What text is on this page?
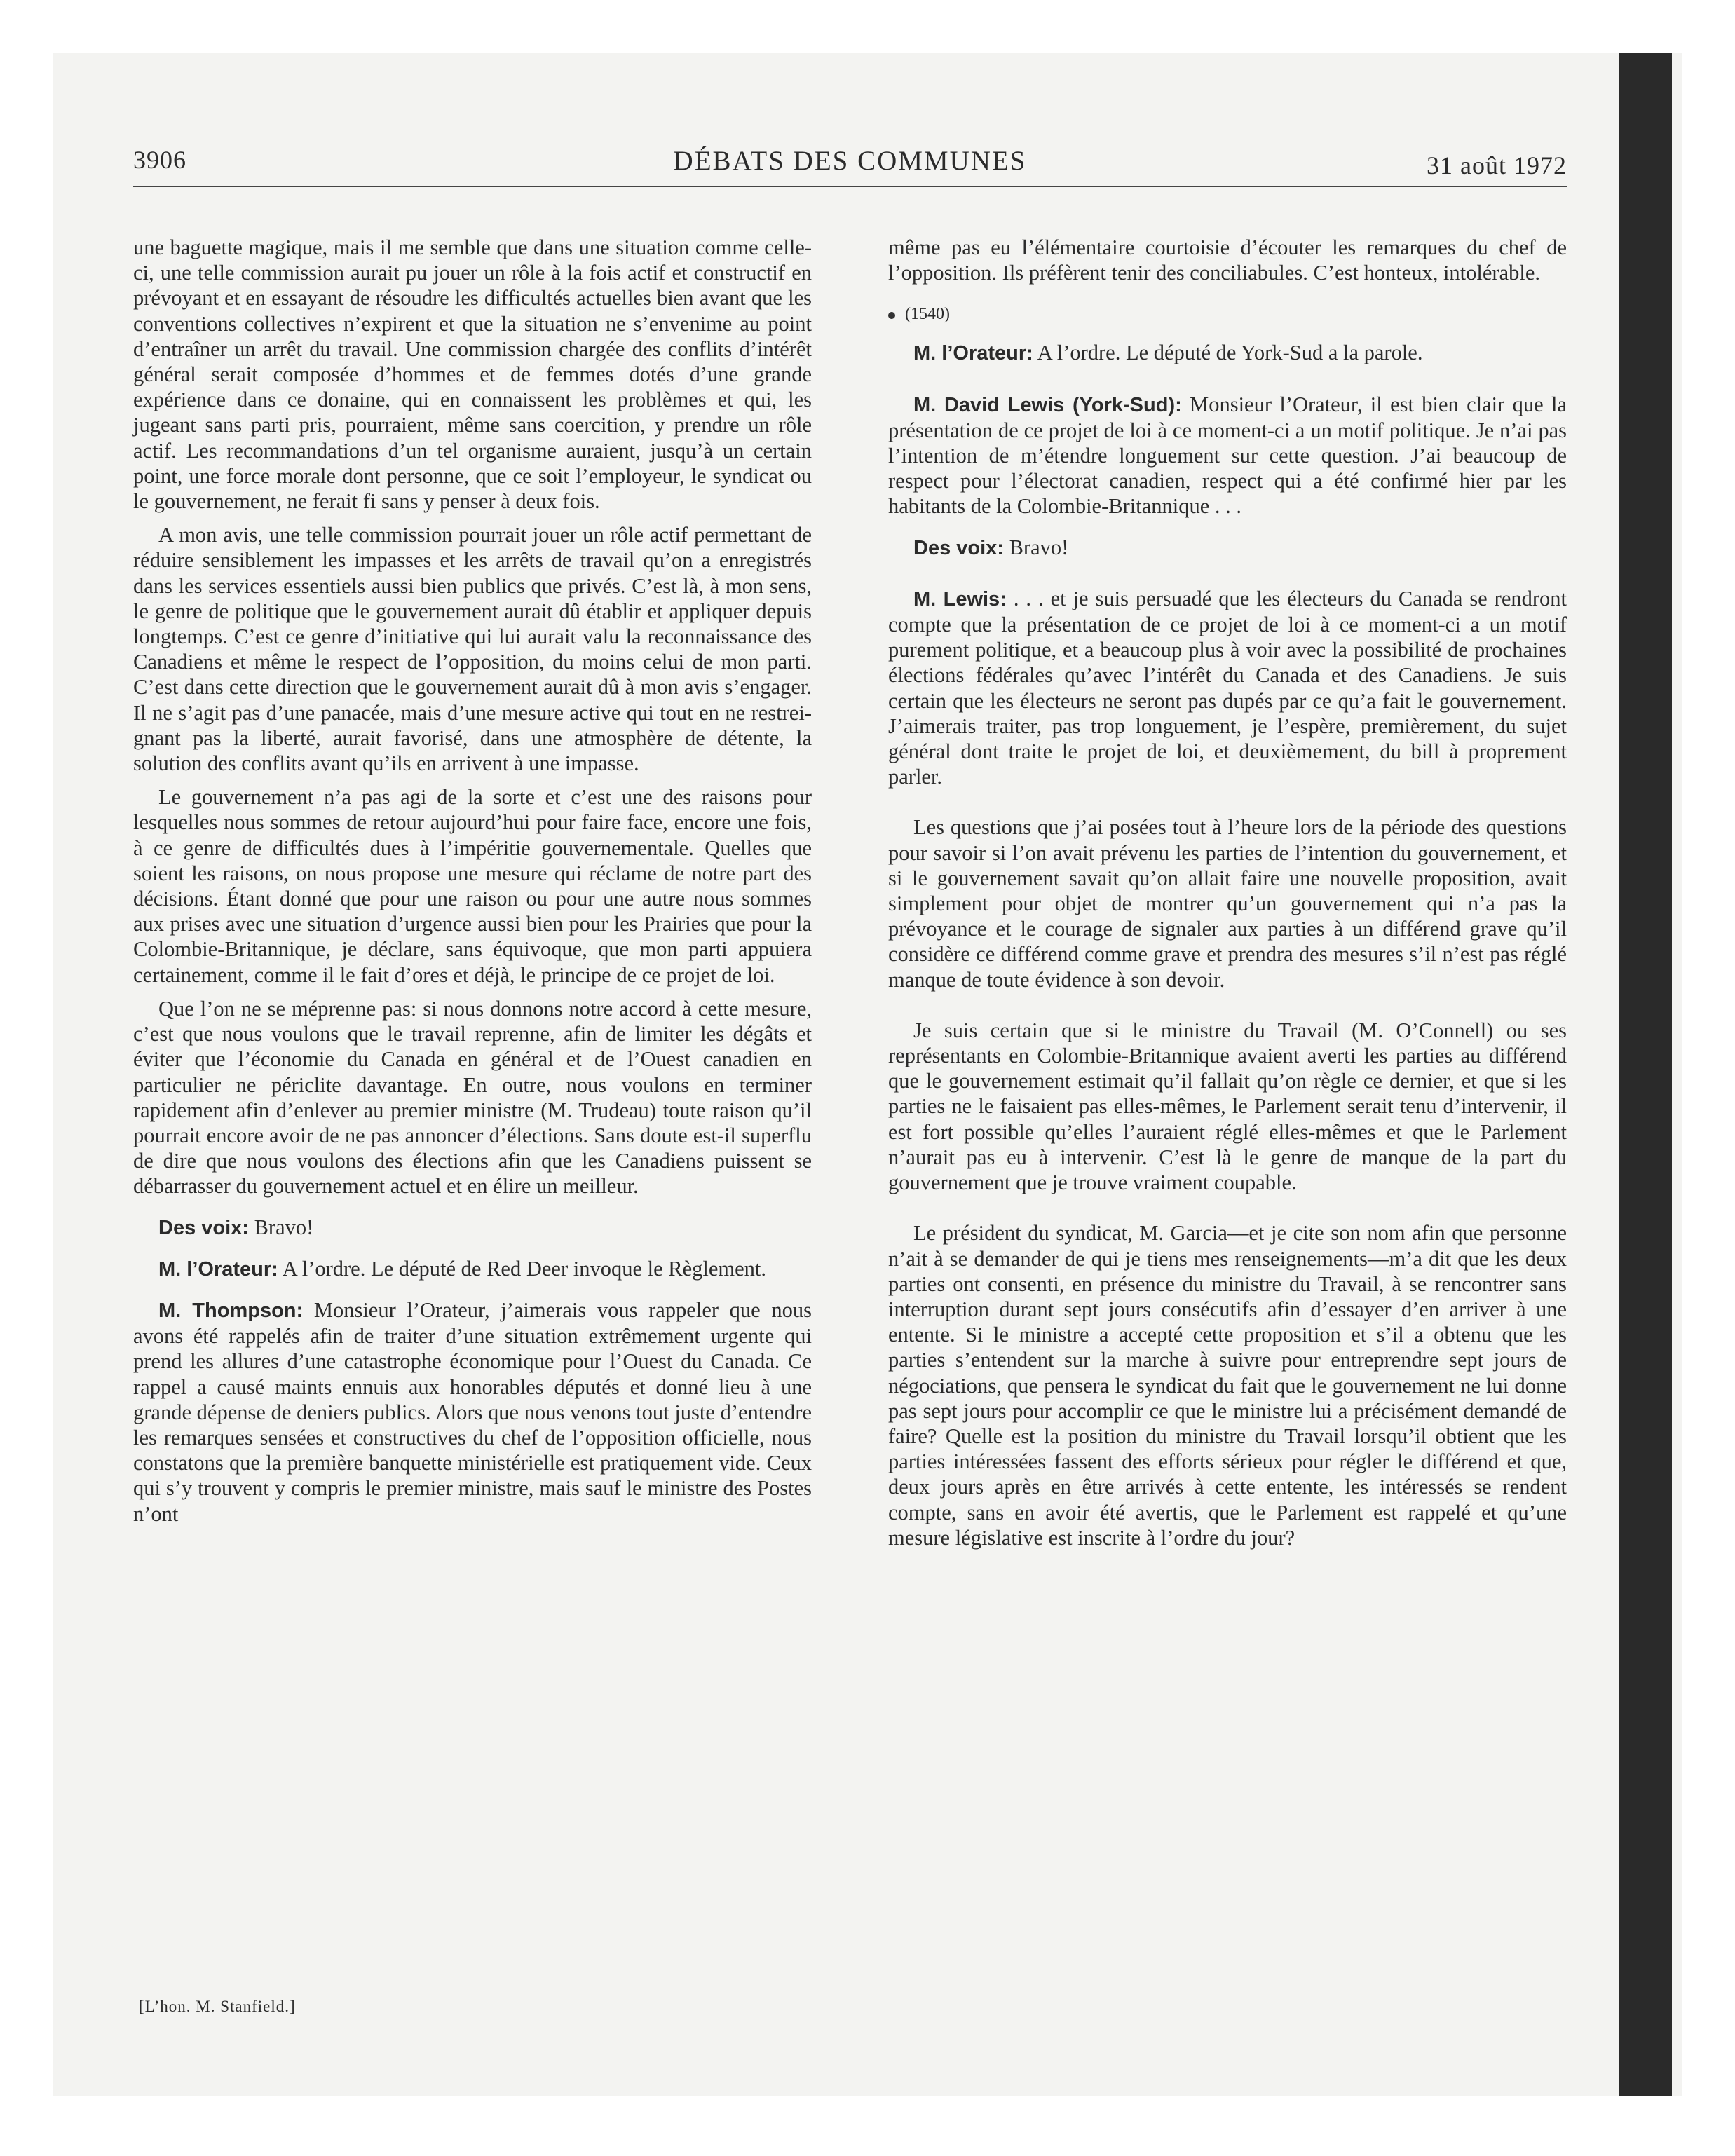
3906	DÉBATS DES COMMUNES	31 août 1972

une baguette magique, mais il me semble que dans une situation comme celle-ci, une telle commission aurait pu jouer un rôle à la fois actif et constructif en prévoyant et en essayant de résoudre les difficultés actuelles bien avant que les conventions collectives n’expirent et que la situation ne s’envenime au point d’entraîner un arrêt du travail. Une commission chargée des conflits d’intérêt général serait composée d’hommes et de femmes dotés d’une grande expérience dans ce donaine, qui en connaissent les problèmes et qui, les jugeant sans parti pris, pourraient, même sans coercition, y prendre un rôle actif. Les recommandations d’un tel organisme auraient, jusqu’à un certain point, une force morale dont personne, que ce soit l’employeur, le syndicat ou le gouvernement, ne ferait fi sans y penser à deux fois.

A mon avis, une telle commission pourrait jouer un rôle actif permettant de réduire sensiblement les impasses et les arrêts de travail qu’on a enregistrés dans les services essentiels aussi bien publics que privés. C’est là, à mon sens, le genre de politique que le gouvernement aurait dû établir et appliquer depuis longtemps. C’est ce genre d’initiative qui lui aurait valu la reconnaissance des Canadiens et même le respect de l’opposition, du moins celui de mon parti. C’est dans cette direction que le gouvernement aurait dû à mon avis s’engager. Il ne s’agit pas d’une panacée, mais d’une mesure active qui tout en ne restreignant pas la liberté, aurait favorisé, dans une atmosphère de détente, la solution des conflits avant qu’ils en arrivent à une impasse.

Le gouvernement n’a pas agi de la sorte et c’est une des raisons pour lesquelles nous sommes de retour aujourd’hui pour faire face, encore une fois, à ce genre de difficultés dues à l’impéritie gouvernementale. Quelles que soient les raisons, on nous propose une mesure qui réclame de notre part des décisions. Étant donné que pour une raison ou pour une autre nous sommes aux prises avec une situation d’urgence aussi bien pour les Prairies que pour la Colombie-Britannique, je déclare, sans équivoque, que mon parti appuiera certainement, comme il le fait d’ores et déjà, le principe de ce projet de loi.

Que l’on ne se méprenne pas: si nous donnons notre accord à cette mesure, c’est que nous voulons que le travail reprenne, afin de limiter les dégâts et éviter que l’économie du Canada en général et de l’Ouest canadien en particulier ne périclite davantage. En outre, nous voulons en terminer rapidement afin d’enlever au premier ministre (M. Trudeau) toute raison qu’il pourrait encore avoir de ne pas annoncer d’élections. Sans doute est-il superflu de dire que nous voulons des élections afin que les Canadiens puissent se débarrasser du gouvernement actuel et en élire un meilleur.

Des voix: Bravo!

M. l’Orateur: A l’ordre. Le député de Red Deer invoque le Règlement.

M. Thompson: Monsieur l’Orateur, j’aimerais vous rappeler que nous avons été rappelés afin de traiter d’une situation extrêmement urgente qui prend les allures d’une catastrophe économique pour l’Ouest du Canada. Ce rappel a causé maints ennuis aux honorables députés et donné lieu à une grande dépense de deniers publics. Alors que nous venons tout juste d’entendre les remarques sensées et constructives du chef de l’opposition officielle, nous constatons que la première banquette ministérielle est pratiquement vide. Ceux qui s’y trouvent y compris le premier ministre, mais sauf le ministre des Postes n’ont

même pas eu l’élémentaire courtoisie d’écouter les remarques du chef de l’opposition. Ils préfèrent tenir des conciliabules. C’est honteux, intolérable.

(1540)

M. l’Orateur: A l’ordre. Le député de York-Sud a la parole.

M. David Lewis (York-Sud): Monsieur l’Orateur, il est bien clair que la présentation de ce projet de loi à ce moment-ci a un motif politique. Je n’ai pas l’intention de m’étendre longuement sur cette question. J’ai beaucoup de respect pour l’électorat canadien, respect qui a été confirmé hier par les habitants de la Colombie-Britannique . . .

Des voix: Bravo!

M. Lewis: . . . et je suis persuadé que les électeurs du Canada se rendront compte que la présentation de ce projet de loi à ce moment-ci a un motif purement politique, et a beaucoup plus à voir avec la possibilité de prochaines élections fédérales qu’avec l’intérêt du Canada et des Canadiens. Je suis certain que les électeurs ne seront pas dupés par ce qu’a fait le gouvernement. J’aimerais traiter, pas trop longuement, je l’espère, premièrement, du sujet général dont traite le projet de loi, et deuxièmement, du bill à proprement parler.

Les questions que j’ai posées tout à l’heure lors de la période des questions pour savoir si l’on avait prévenu les parties de l’intention du gouvernement, et si le gouvernement savait qu’on allait faire une nouvelle proposition, avait simplement pour objet de montrer qu’un gouvernement qui n’a pas la prévoyance et le courage de signaler aux parties à un différend grave qu’il considère ce différend comme grave et prendra des mesures s’il n’est pas réglé manque de toute évidence à son devoir.

Je suis certain que si le ministre du Travail (M. O’Connell) ou ses représentants en Colombie-Britannique avaient averti les parties au différend que le gouvernement estimait qu’il fallait qu’on règle ce dernier, et que si les parties ne le faisaient pas elles-mêmes, le Parlement serait tenu d’intervenir, il est fort possible qu’elles l’auraient réglé elles-mêmes et que le Parlement n’aurait pas eu à intervenir. C’est là le genre de manque de la part du gouvernement que je trouve vraiment coupable.

Le président du syndicat, M. Garcia—et je cite son nom afin que personne n’ait à se demander de qui je tiens mes renseignements—m’a dit que les deux parties ont consenti, en présence du ministre du Travail, à se rencontrer sans interruption durant sept jours consécutifs afin d’essayer d’en arriver à une entente. Si le ministre a accepté cette proposition et s’il a obtenu que les parties s’entendent sur la marche à suivre pour entreprendre sept jours de négociations, que pensera le syndicat du fait que le gouvernement ne lui donne pas sept jours pour accomplir ce que le ministre lui a précisément demandé de faire? Quelle est la position du ministre du Travail lorsqu’il obtient que les parties intéressées fassent des efforts sérieux pour régler le différend et que, deux jours après en être arrivés à cette entente, les intéressés se rendent compte, sans en avoir été avertis, que le Parlement est rappelé et qu’une mesure législative est inscrite à l’ordre du jour?

[L’hon. M. Stanfield.]
